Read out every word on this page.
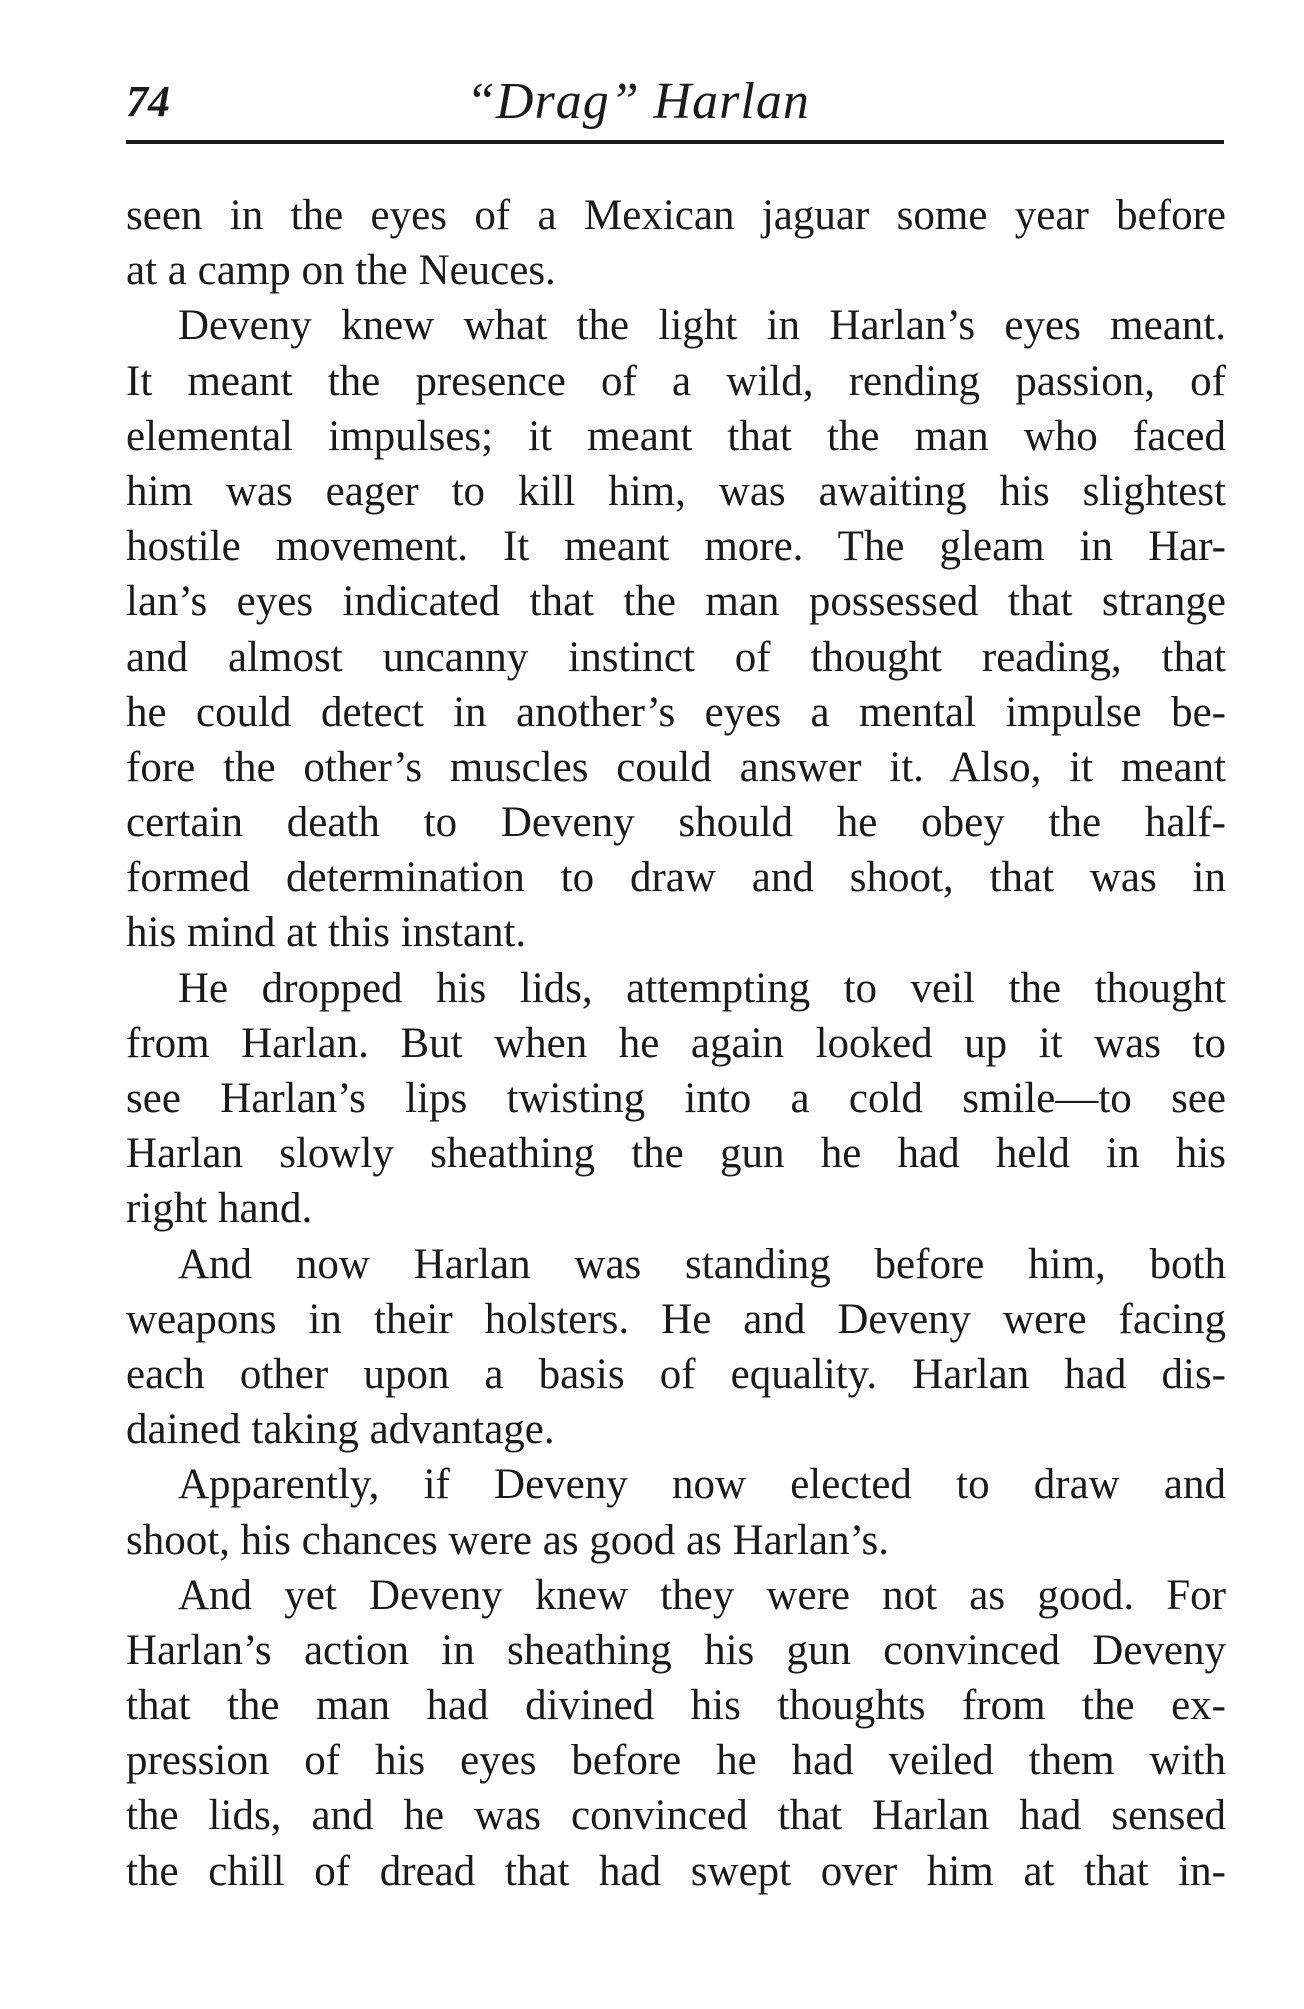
74	“Drag” Harlan
seen in the eyes of a Mexican jaguar some year before
at a camp on the Neuces.
Deveny knew what the light in Harlan’s eyes meant.
It meant the presence of a wild, rending passion, of
elemental impulses; it meant that the man who faced
him was eager to kill him, was awaiting his slightest
hostile movement. It meant more. The gleam in Har-
lan’s eyes indicated that the man possessed that strange
and almost uncanny instinct of thought reading, that
he could detect in another’s eyes a mental impulse be-
fore the other’s muscles could answer it. Also, it meant
certain death to Deveny should he obey the half-
formed determination to draw and shoot, that was in
his mind at this instant.
He dropped his lids, attempting to veil the thought
from Harlan. But when he again looked up it was to
see Harlan’s lips twisting into a cold smile—to see
Harlan slowly sheathing the gun he had held in his
right hand.
And now Harlan was standing before him, both
weapons in their holsters. He and Deveny were facing
each other upon a basis of equality. Harlan had dis-
dained taking advantage.
Apparently, if Deveny now elected to draw and
shoot, his chances were as good as Harlan’s.
And yet Deveny knew they were not as good. For
Harlan’s action in sheathing his gun convinced Deveny
that the man had divined his thoughts from the ex-
pression of his eyes before he had veiled them with
the lids, and he was convinced that Harlan had sensed
the chill of dread that had swept over him at that in-
